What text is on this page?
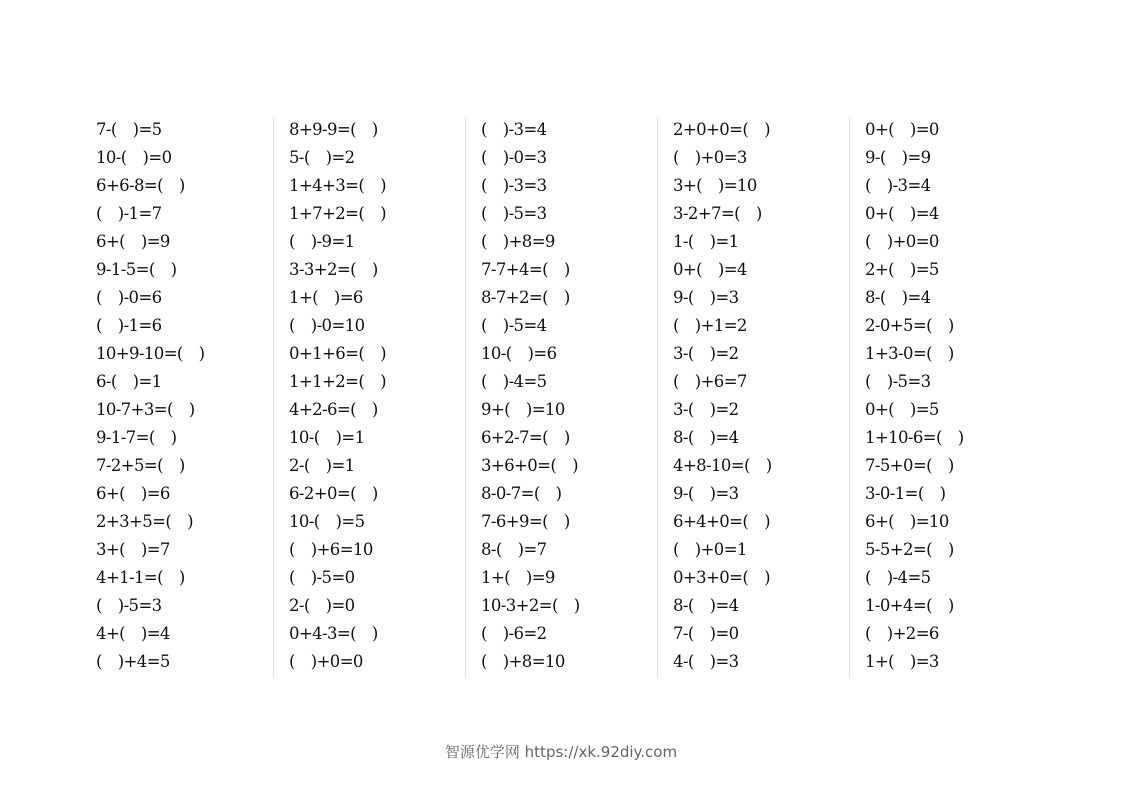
7-(　)=5
10-(　)=0
6+6-8=(　)
(　)-1=7
6+(　)=9
9-1-5=(　)
(　)-0=6
(　)-1=6
10+9-10=(　)
6-(　)=1
10-7+3=(　)
9-1-7=(　)
7-2+5=(　)
6+(　)=6
2+3+5=(　)
3+(　)=7
4+1-1=(　)
(　)-5=3
4+(　)=4
(　)+4=5
8+9-9=(　)
5-(　)=2
1+4+3=(　)
1+7+2=(　)
(　)-9=1
3-3+2=(　)
1+(　)=6
(　)-0=10
0+1+6=(　)
1+1+2=(　)
4+2-6=(　)
10-(　)=1
2-(　)=1
6-2+0=(　)
10-(　)=5
(　)+6=10
(　)-5=0
2-(　)=0
0+4-3=(　)
(　)+0=0
(　)-3=4
(　)-0=3
(　)-3=3
(　)-5=3
(　)+8=9
7-7+4=(　)
8-7+2=(　)
(　)-5=4
10-(　)=6
(　)-4=5
9+(　)=10
6+2-7=(　)
3+6+0=(　)
8-0-7=(　)
7-6+9=(　)
8-(　)=7
1+(　)=9
10-3+2=(　)
(　)-6=2
(　)+8=10
2+0+0=(　)
(　)+0=3
3+(　)=10
3-2+7=(　)
1-(　)=1
0+(　)=4
9-(　)=3
(　)+1=2
3-(　)=2
(　)+6=7
3-(　)=2
8-(　)=4
4+8-10=(　)
9-(　)=3
6+4+0=(　)
(　)+0=1
0+3+0=(　)
8-(　)=4
7-(　)=0
4-(　)=3
0+(　)=0
9-(　)=9
(　)-3=4
0+(　)=4
(　)+0=0
2+(　)=5
8-(　)=4
2-0+5=(　)
1+3-0=(　)
(　)-5=3
0+(　)=5
1+10-6=(　)
7-5+0=(　)
3-0-1=(　)
6+(　)=10
5-5+2=(　)
(　)-4=5
1-0+4=(　)
(　)+2=6
1+(　)=3
智源优学网 https://xk.92diy.com
